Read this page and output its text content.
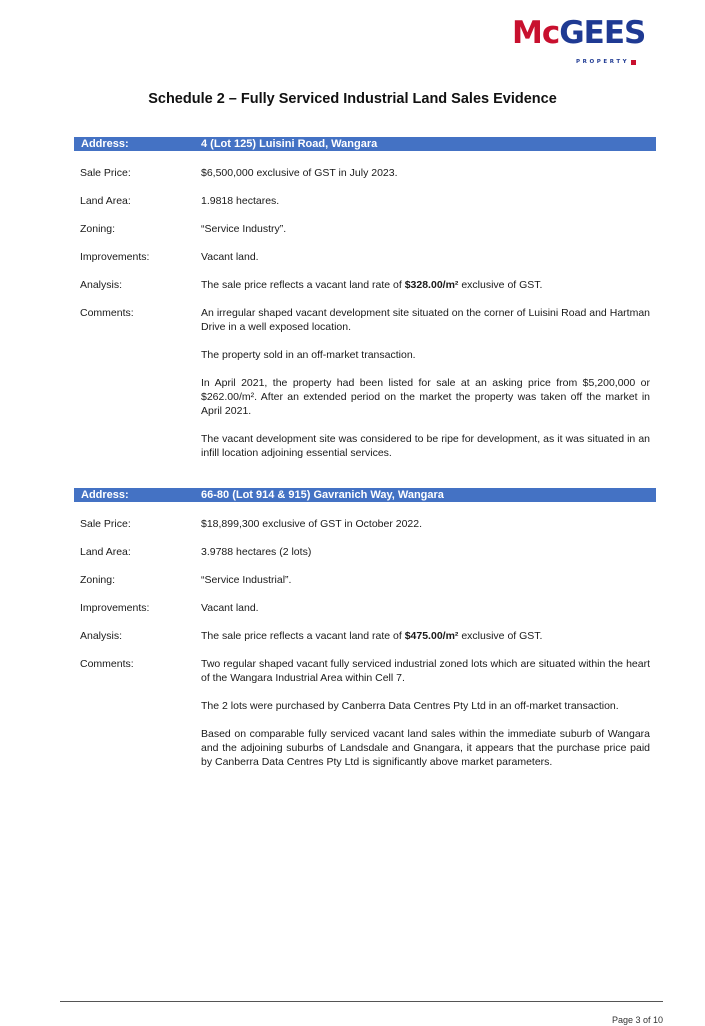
McGEES
PROPERTY
Schedule 2 – Fully Serviced Industrial Land Sales Evidence
Address:	4 (Lot 125) Luisini Road, Wangara
Sale Price:	$6,500,000 exclusive of GST in July 2023.
Land Area:	1.9818 hectares.
Zoning:	“Service Industry”.
Improvements:	Vacant land.
Analysis:	The sale price reflects a vacant land rate of $328.00/m² exclusive of GST.
Comments:	An irregular shaped vacant development site situated on the corner of Luisini Road and Hartman Drive in a well exposed location.

The property sold in an off-market transaction.

In April 2021, the property had been listed for sale at an asking price from $5,200,000 or $262.00/m². After an extended period on the market the property was taken off the market in April 2021.

The vacant development site was considered to be ripe for development, as it was situated in an infill location adjoining essential services.

Address:	66-80 (Lot 914 & 915) Gavranich Way, Wangara
Sale Price:	$18,899,300 exclusive of GST in October 2022.
Land Area:	3.9788 hectares (2 lots)
Zoning:	“Service Industrial”.
Improvements:	Vacant land.
Analysis:	The sale price reflects a vacant land rate of $475.00/m² exclusive of GST.
Comments:	Two regular shaped vacant fully serviced industrial zoned lots which are situated within the heart of the Wangara Industrial Area within Cell 7.

The 2 lots were purchased by Canberra Data Centres Pty Ltd in an off-market transaction.

Based on comparable fully serviced vacant land sales within the immediate suburb of Wangara and the adjoining suburbs of Landsdale and Gnangara, it appears that the purchase price paid by Canberra Data Centres Pty Ltd is significantly above market parameters.

Page 3 of 10
